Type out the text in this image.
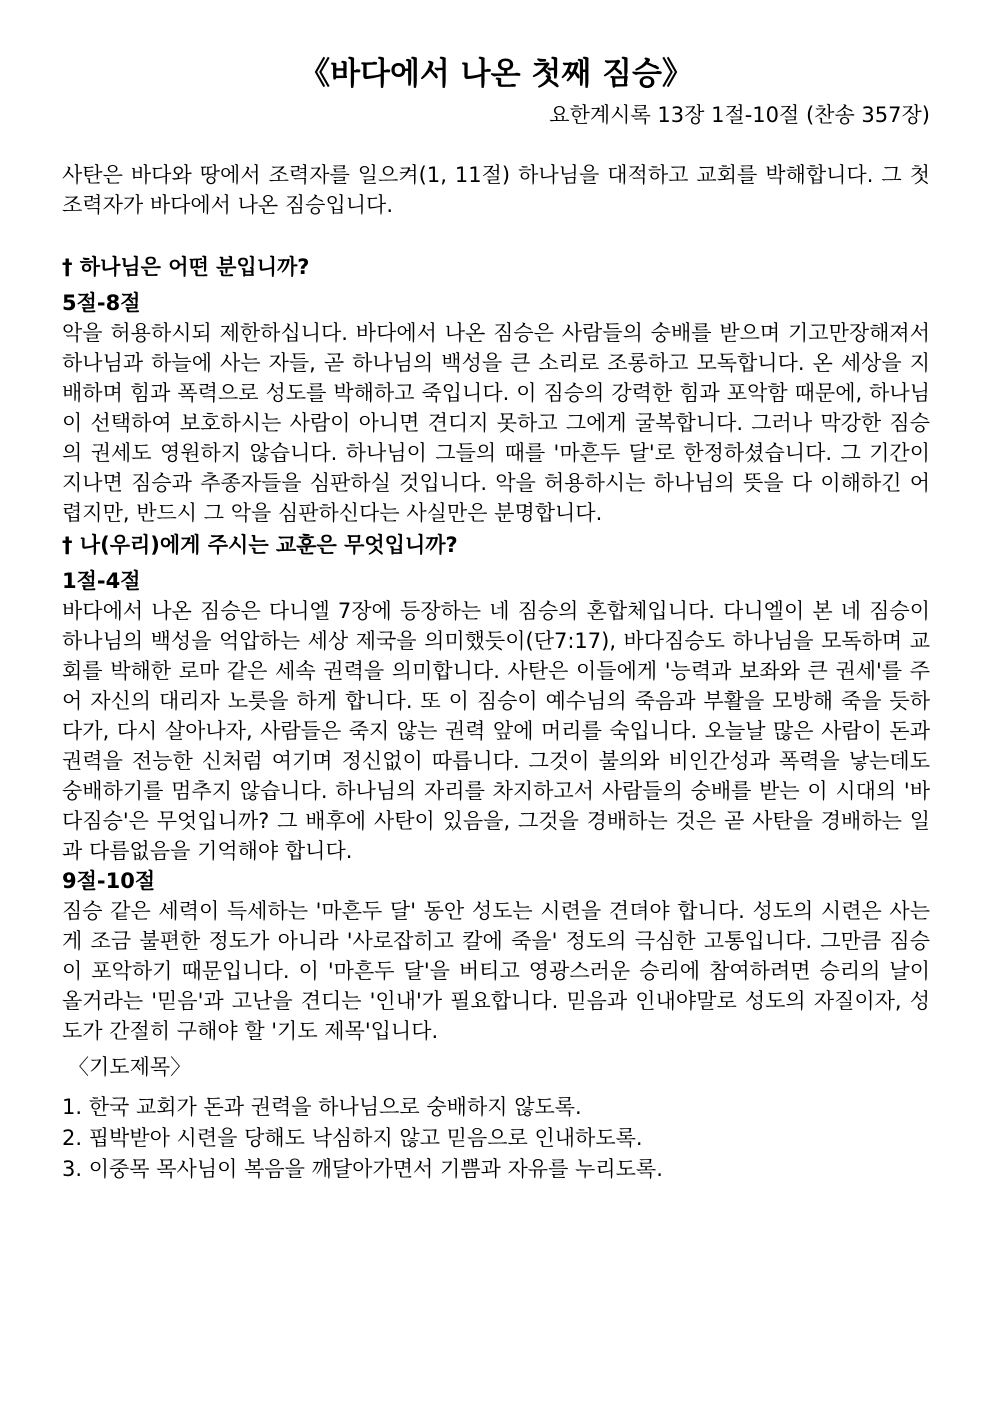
《바다에서 나온 첫째 짐승》
요한계시록 13장 1절-10절 (찬송 357장)

사탄은 바다와 땅에서 조력자를 일으켜(1, 11절) 하나님을 대적하고 교회를 박해합니다. 그 첫 조력자가 바다에서 나온 짐승입니다.

† 하나님은 어떤 분입니까?
5절-8절

악을 허용하시되 제한하십니다. 바다에서 나온 짐승은 사람들의 숭배를 받으며 기고만장해져서 하나님과 하늘에 사는 자들, 곧 하나님의 백성을 큰 소리로 조롱하고 모독합니다. 온 세상을 지배하며 힘과 폭력으로 성도를 박해하고 죽입니다. 이 짐승의 강력한 힘과 포악함 때문에, 하나님이 선택하여 보호하시는 사람이 아니면 견디지 못하고 그에게 굴복합니다. 그러나 막강한 짐승의 권세도 영원하지 않습니다. 하나님이 그들의 때를 '마흔두 달'로 한정하셨습니다. 그 기간이 지나면 짐승과 추종자들을 심판하실 것입니다. 악을 허용하시는 하나님의 뜻을 다 이해하긴 어렵지만, 반드시 그 악을 심판하신다는 사실만은 분명합니다.

† 나(우리)에게 주시는 교훈은 무엇입니까?
1절-4절

바다에서 나온 짐승은 다니엘 7장에 등장하는 네 짐승의 혼합체입니다. 다니엘이 본 네 짐승이 하나님의 백성을 억압하는 세상 제국을 의미했듯이(단7:17), 바다짐승도 하나님을 모독하며 교회를 박해한 로마 같은 세속 권력을 의미합니다. 사탄은 이들에게 '능력과 보좌와 큰 권세'를 주어 자신의 대리자 노릇을 하게 합니다. 또 이 짐승이 예수님의 죽음과 부활을 모방해 죽을 듯하다가, 다시 살아나자, 사람들은 죽지 않는 권력 앞에 머리를 숙입니다. 오늘날 많은 사람이 돈과 권력을 전능한 신처럼 여기며 정신없이 따릅니다. 그것이 불의와 비인간성과 폭력을 낳는데도 숭배하기를 멈추지 않습니다. 하나님의 자리를 차지하고서 사람들의 숭배를 받는 이 시대의 '바다짐승'은 무엇입니까? 그 배후에 사탄이 있음을, 그것을 경배하는 것은 곧 사탄을 경배하는 일과 다름없음을 기억해야 합니다.

9절-10절

짐승 같은 세력이 득세하는 '마흔두 달' 동안 성도는 시련을 견뎌야 합니다. 성도의 시련은 사는 게 조금 불편한 정도가 아니라 '사로잡히고 칼에 죽을' 정도의 극심한 고통입니다. 그만큼 짐승이 포악하기 때문입니다. 이 '마흔두 달'을 버티고 영광스러운 승리에 참여하려면 승리의 날이 올거라는 '믿음'과 고난을 견디는 '인내'가 필요합니다. 믿음과 인내야말로 성도의 자질이자, 성도가 간절히 구해야 할 '기도 제목'입니다.

〈기도제목〉
1. 한국 교회가 돈과 권력을 하나님으로 숭배하지 않도록.
2. 핍박받아 시련을 당해도 낙심하지 않고 믿음으로 인내하도록.
3. 이중목 목사님이 복음을 깨달아가면서 기쁨과 자유를 누리도록.
